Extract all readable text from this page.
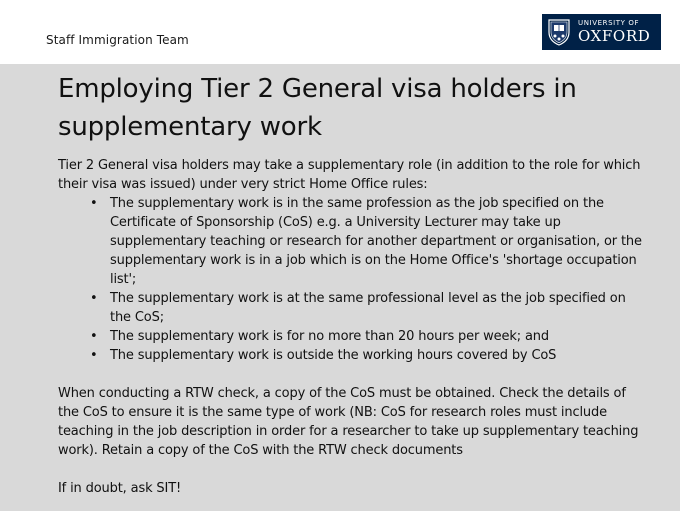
Staff Immigration Team
UNIVERSITY OF
OXFORD
Employing Tier 2 General visa holders in supplementary work

Tier 2 General visa holders may take a supplementary role (in addition to the role for which their visa was issued) under very strict Home Office rules:

• The supplementary work is in the same profession as the job specified on the Certificate of Sponsorship (CoS) e.g. a University Lecturer may take up supplementary teaching or research for another department or organisation, or the supplementary work is in a job which is on the Home Office's 'shortage occupation list';
• The supplementary work is at the same professional level as the job specified on the CoS;
• The supplementary work is for no more than 20 hours per week; and
• The supplementary work is outside the working hours covered by CoS

When conducting a RTW check, a copy of the CoS must be obtained. Check the details of the CoS to ensure it is the same type of work (NB: CoS for research roles must include teaching in the job description in order for a researcher to take up supplementary teaching work). Retain a copy of the CoS with the RTW check documents

If in doubt, ask SIT!
